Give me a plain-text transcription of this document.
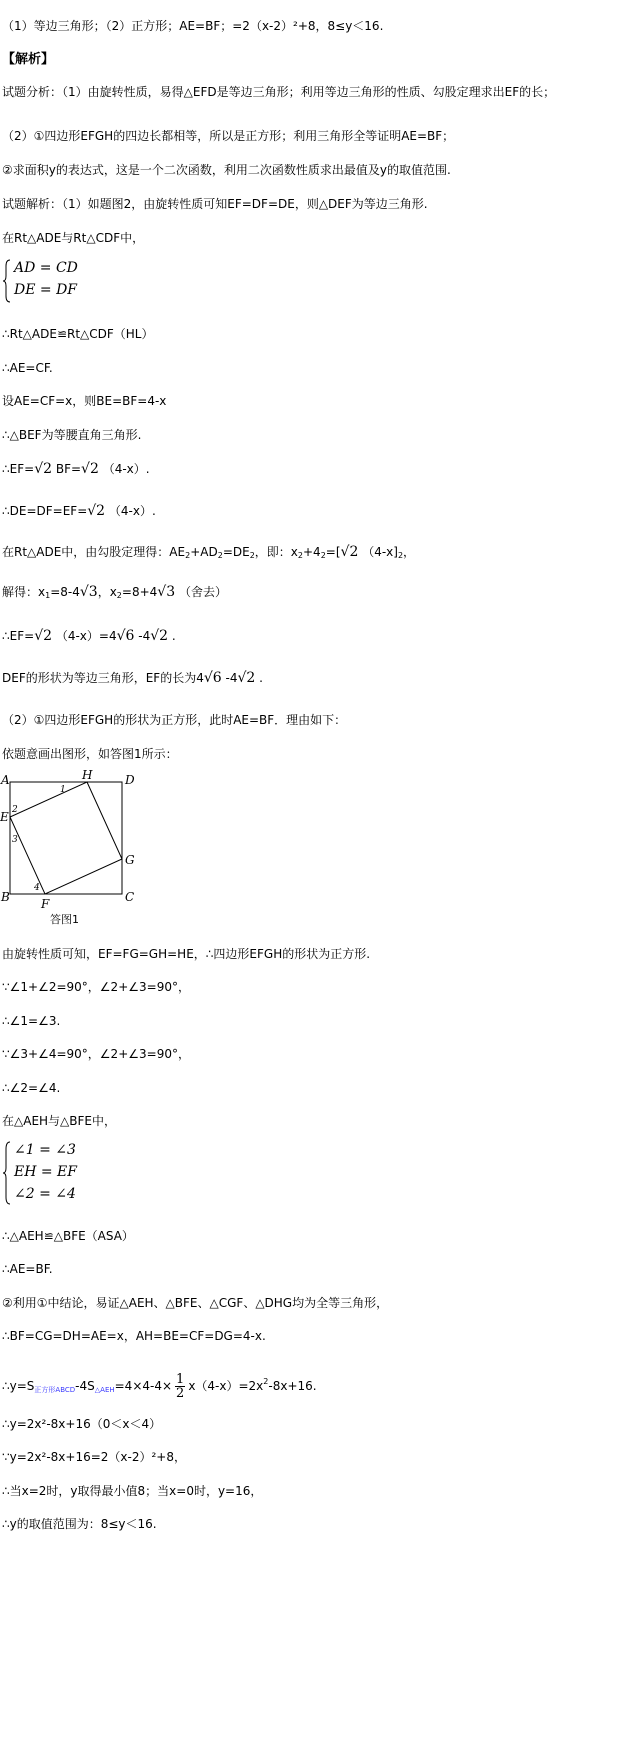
（1）等边三角形；（2）正方形；AE=BF；=2（x-2）²+8，8≤y＜16.
【解析】
试题分析：（1）由旋转性质，易得△EFD是等边三角形；利用等边三角形的性质、勾股定理求出EF的长；
（2）①四边形EFGH的四边长都相等，所以是正方形；利用三角形全等证明AE=BF；
②求面积y的表达式，这是一个二次函数，利用二次函数性质求出最值及y的取值范围.
试题解析：（1）如题图2，由旋转性质可知EF=DF=DE，则△DEF为等边三角形.
在Rt△ADE与Rt△CDF中，
AD = CD
DE = DF
∴Rt△ADE≌Rt△CDF（HL）
∴AE=CF.
设AE=CF=x，则BE=BF=4-x
∴△BEF为等腰直角三角形.
∴EF=√2 BF=√2 （4-x）.
∴DE=DF=EF=√2 （4-x）.
在Rt△ADE中，由勾股定理得：$AE_2+AD_2=DE_2$，即：$x_2+4_2=[√2$ $(4-x]_2$，
解得：$x_1=8-4√3$，$x_2=8+4√3$ （舍去）
∴EF=√2 （4-x）=4√6 -4√2 .
DEF的形状为等边三角形，EF的长为4√6 -4√2 .
（2）①四边形EFGH的形状为正方形，此时AE=BF．理由如下：
依题意画出图形，如答图1所示：
A	H	D
E
G
B	F	C
1
2
3
4
答图1
由旋转性质可知，EF=FG=GH=HE，∴四边形EFGH的形状为正方形.
∵∠1+∠2=90°，∠2+∠3=90°，
∴∠1=∠3.
∵∠3+∠4=90°，∠2+∠3=90°，
∴∠2=∠4.
在△AEH与△BFE中，
∠1 = ∠3
EH = EF
∠2 = ∠4
∴△AEH≌△BFE（ASA）
∴AE=BF.
②利用①中结论，易证△AEH、△BFE、△CGF、△DHG均为全等三角形，
∴BF=CG=DH=AE=x，AH=BE=CF=DG=4-x.
$\therefore y=S_{正方形ABCD}-4S_{\triangle AEH}=4\times 4-4\times \frac{1}{2} x(4-x)=2x^2-8x+16$.
∴y=2x²-8x+16（0＜x＜4）
∵y=2x²-8x+16=2（x-2）²+8，
∴当x=2时，y取得最小值8；当x=0时，y=16，
∴y的取值范围为：8≤y＜16.
